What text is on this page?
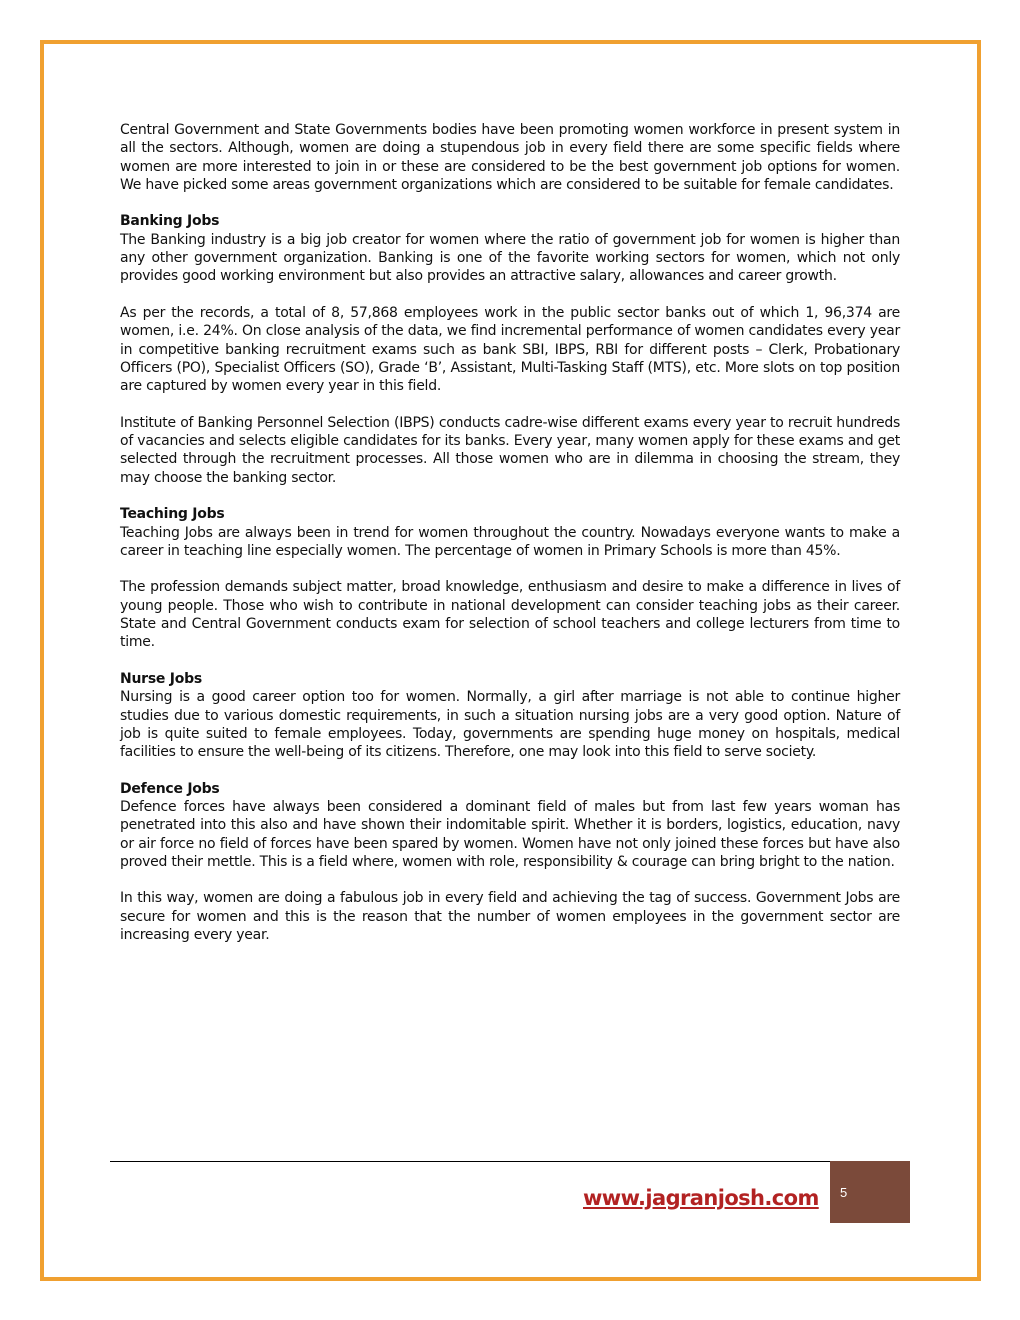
Central Government and State Governments bodies have been promoting women workforce in present system in all the sectors. Although, women are doing a stupendous job in every field there are some specific fields where women are more interested to join in or these are considered to be the best government job options for women. We have picked some areas government organizations which are considered to be suitable for female candidates.

Banking Jobs

The Banking industry is a big job creator for women where the ratio of government job for women is higher than any other government organization. Banking is one of the favorite working sectors for women, which not only provides good working environment but also provides an attractive salary, allowances and career growth.

As per the records, a total of 8, 57,868 employees work in the public sector banks out of which 1, 96,374 are women, i.e. 24%. On close analysis of the data, we find incremental performance of women candidates every year in competitive banking recruitment exams such as bank SBI, IBPS, RBI for different posts – Clerk, Probationary Officers (PO), Specialist Officers (SO), Grade ‘B’, Assistant, Multi-Tasking Staff (MTS), etc. More slots on top position are captured by women every year in this field.

Institute of Banking Personnel Selection (IBPS) conducts cadre-wise different exams every year to recruit hundreds of vacancies and selects eligible candidates for its banks. Every year, many women apply for these exams and get selected through the recruitment processes. All those women who are in dilemma in choosing the stream, they may choose the banking sector.

Teaching Jobs

Teaching Jobs are always been in trend for women throughout the country. Nowadays everyone wants to make a career in teaching line especially women. The percentage of women in Primary Schools is more than 45%.

The profession demands subject matter, broad knowledge, enthusiasm and desire to make a difference in lives of young people. Those who wish to contribute in national development can consider teaching jobs as their career. State and Central Government conducts exam for selection of school teachers and college lecturers from time to time.

Nurse Jobs

Nursing is a good career option too for women. Normally, a girl after marriage is not able to continue higher studies due to various domestic requirements, in such a situation nursing jobs are a very good option. Nature of job is quite suited to female employees. Today, governments are spending huge money on hospitals, medical facilities to ensure the well-being of its citizens. Therefore, one may look into this field to serve society.

Defence Jobs

Defence forces have always been considered a dominant field of males but from last few years woman has penetrated into this also and have shown their indomitable spirit. Whether it is borders, logistics, education, navy or air force no field of forces have been spared by women. Women have not only joined these forces but have also proved their mettle. This is a field where, women with role, responsibility & courage can bring bright to the nation.

In this way, women are doing a fabulous job in every field and achieving the tag of success. Government Jobs are secure for women and this is the reason that the number of women employees in the government sector are increasing every year.

www.jagranjosh.com 5
